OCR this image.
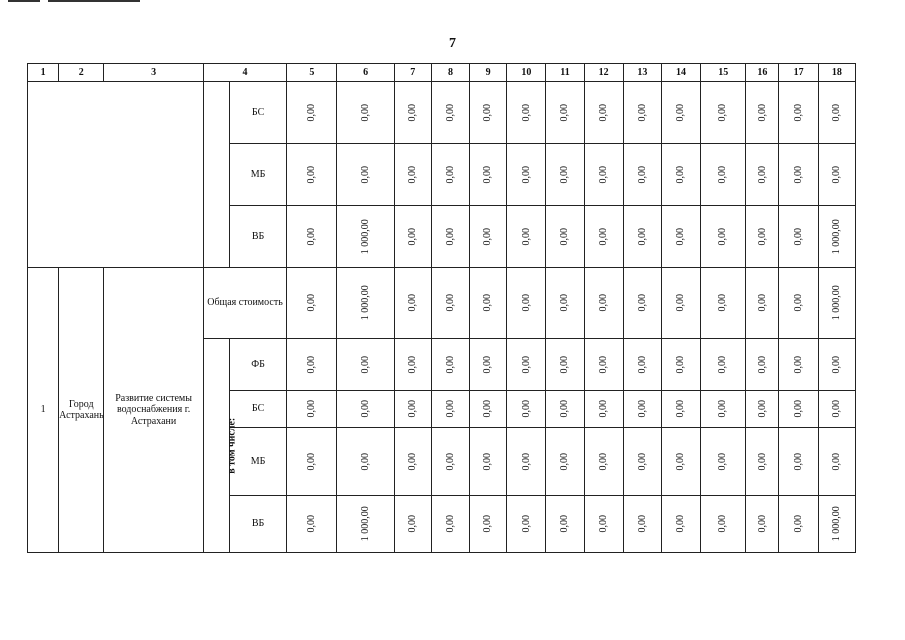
7
1	2	3	4		5	6	7	8	9	10	11	12	13	14	15	16	17	18
				БС	0,00	0,00	0,00	0,00	0,00	0,00	0,00	0,00	0,00	0,00	0,00	0,00	0,00	0,00
				МБ	0,00	0,00	0,00	0,00	0,00	0,00	0,00	0,00	0,00	0,00	0,00	0,00	0,00	0,00
				ВБ	0,00	1 000,00	0,00	0,00	0,00	0,00	0,00	0,00	0,00	0,00	0,00	0,00	0,00	1 000,00
1	Город Астрахань	Развитие системы водоснабжения г. Астрахани	Общая стоимость		0,00	1 000,00	0,00	0,00	0,00	0,00	0,00	0,00	0,00	0,00	0,00	0,00	0,00	1 000,00
			в том числе:	ФБ	0,00	0,00	0,00	0,00	0,00	0,00	0,00	0,00	0,00	0,00	0,00	0,00	0,00	0,00
				БС	0,00	0,00	0,00	0,00	0,00	0,00	0,00	0,00	0,00	0,00	0,00	0,00	0,00	0,00
				МБ	0,00	0,00	0,00	0,00	0,00	0,00	0,00	0,00	0,00	0,00	0,00	0,00	0,00	0,00
				ВБ	0,00	1 000,00	0,00	0,00	0,00	0,00	0,00	0,00	0,00	0,00	0,00	0,00	0,00	1 000,00
